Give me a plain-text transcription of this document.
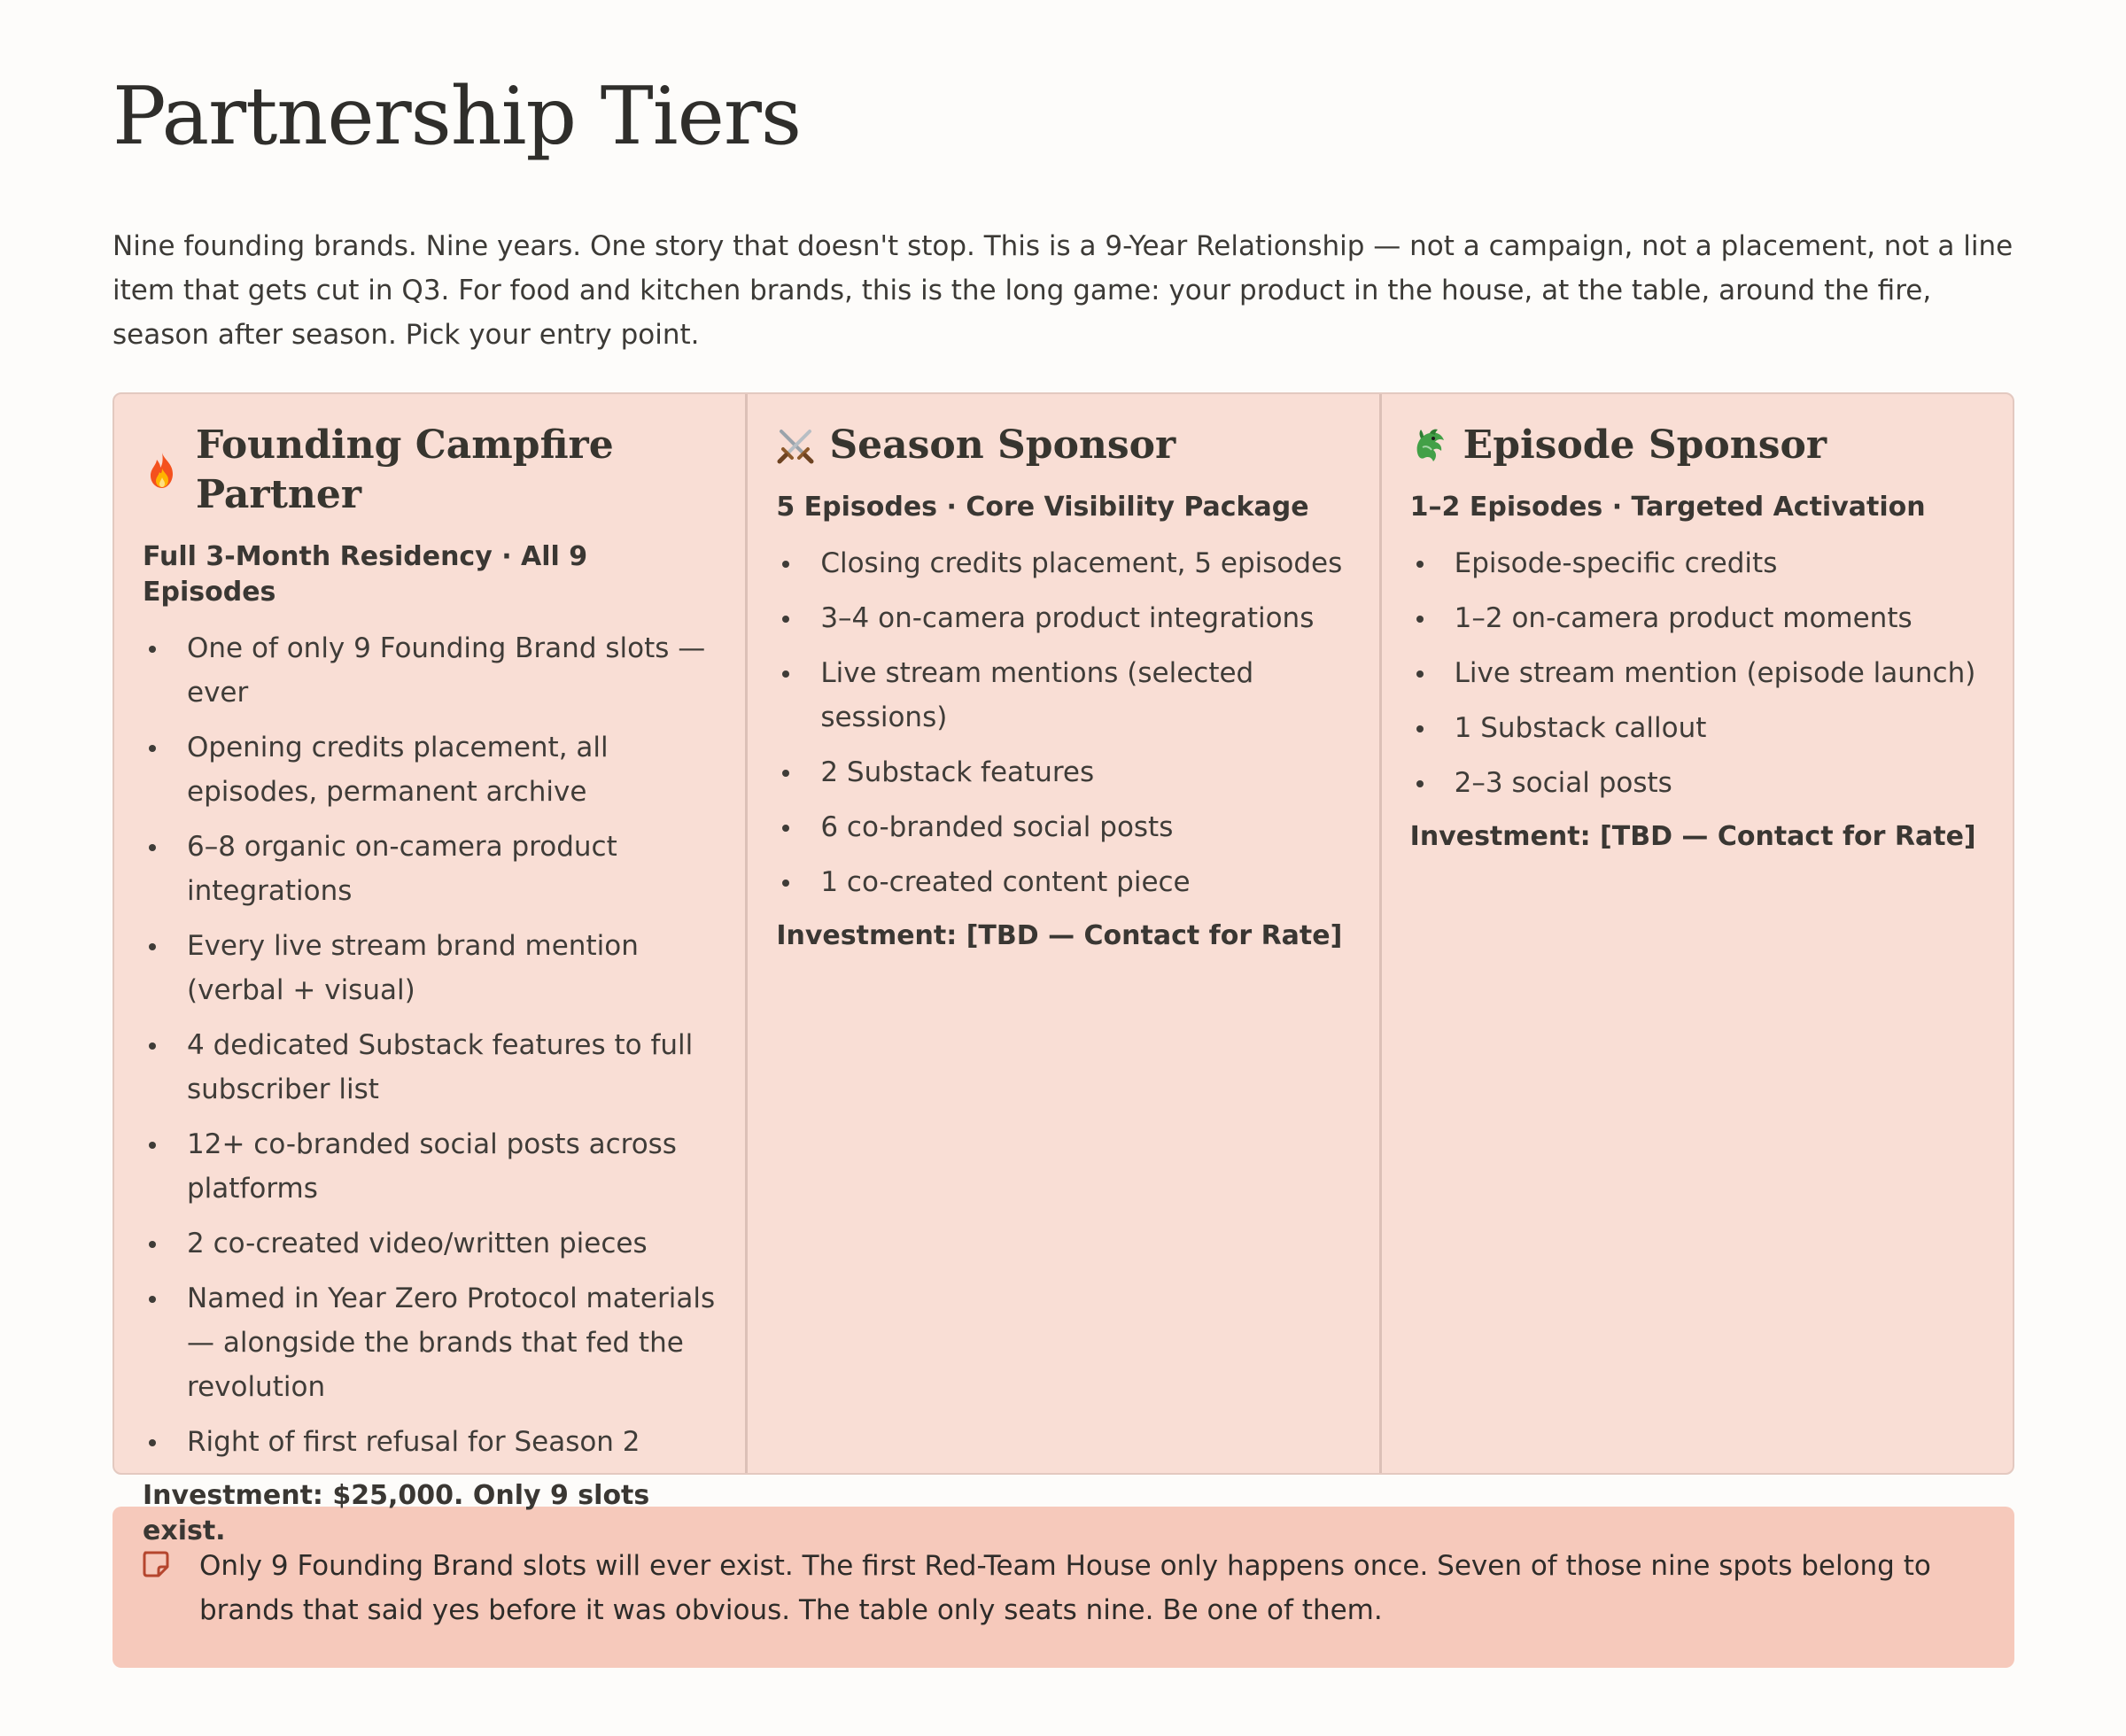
Partnership Tiers

Nine founding brands. Nine years. One story that doesn't stop. This is a 9-Year Relationship — not a campaign, not a placement, not a line item that gets cut in Q3. For food and kitchen brands, this is the long game: your product in the house, at the table, around the fire, season after season. Pick your entry point.

Founding Campfire Partner
Full 3-Month Residency · All 9 Episodes
One of only 9 Founding Brand slots — ever
Opening credits placement, all episodes, permanent archive
6–8 organic on-camera product integrations
Every live stream brand mention (verbal + visual)
4 dedicated Substack features to full subscriber list
12+ co-branded social posts across platforms
2 co-created video/written pieces
Named in Year Zero Protocol materials — alongside the brands that fed the revolution
Right of first refusal for Season 2
Investment: $25,000. Only 9 slots exist.
Season Sponsor
5 Episodes · Core Visibility Package
Closing credits placement, 5 episodes
3–4 on-camera product integrations
Live stream mentions (selected sessions)
2 Substack features
6 co-branded social posts
1 co-created content piece
Investment: [TBD — Contact for Rate]
Episode Sponsor
1–2 Episodes · Targeted Activation
Episode-specific credits
1–2 on-camera product moments
Live stream mention (episode launch)
1 Substack callout
2–3 social posts
Investment: [TBD — Contact for Rate]
Only 9 Founding Brand slots will ever exist. The first Red-Team House only happens once. Seven of those nine spots belong to brands that said yes before it was obvious. The table only seats nine. Be one of them.
